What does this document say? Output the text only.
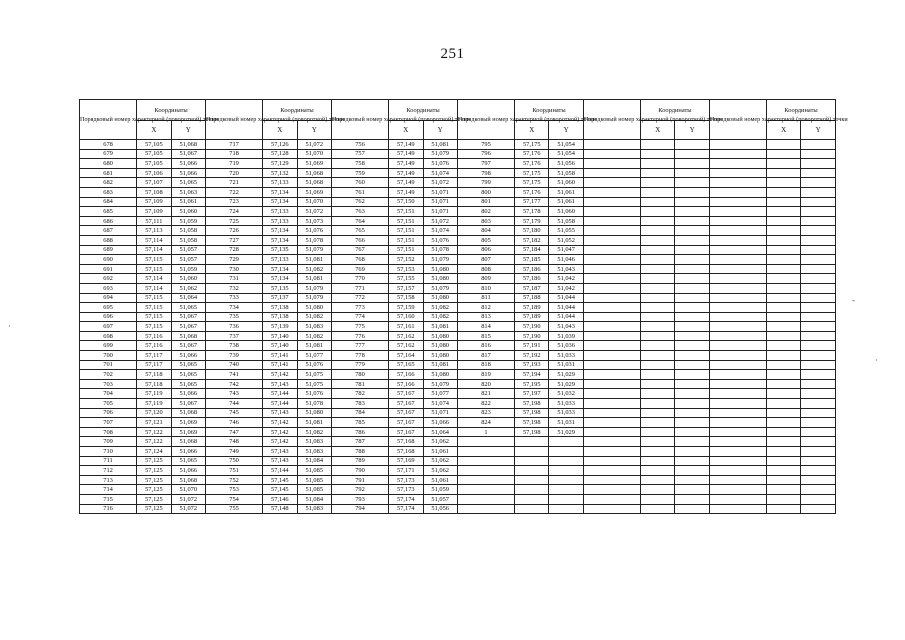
251
·
-
·
Порядковый номер характерной (поворотной) точки	Координаты		Порядковый номер характерной (поворотной) точки	Координаты		Порядковый номер характерной (поворотной) точки	Координаты		Порядковый номер характерной (поворотной) точки	Координаты		Порядковый номер характерной (поворотной) точки	Координаты		Порядковый номер характерной (поворотной) точки	Координаты	
	X	Y		X	Y		X	Y		X	Y		X	Y		X	Y
678	57,105	51,068	717	57,126	51,072	756	57,149	51,081	795	57,175	51,054						
679	57,105	51,067	718	57,128	51,070	757	57,149	51,079	796	57,176	51,054						
680	57,105	51,066	719	57,129	51,069	758	57,149	51,076	797	57,176	51,056						
681	57,106	51,066	720	57,132	51,068	759	57,149	51,074	798	57,175	51,058						
682	57,107	51,065	721	57,133	51,068	760	57,149	51,072	799	57,175	51,060						
683	57,108	51,063	722	57,134	51,069	761	57,149	51,071	800	57,176	51,061						
684	57,109	51,061	723	57,134	51,070	762	57,150	51,071	801	57,177	51,061						
685	57,109	51,060	724	57,133	51,072	763	57,151	51,071	802	57,178	51,060						
686	57,111	51,059	725	57,133	51,073	764	57,151	51,072	803	57,179	51,058						
687	57,113	51,058	726	57,134	51,076	765	57,151	51,074	804	57,180	51,055						
688	57,114	51,058	727	57,134	51,078	766	57,151	51,076	805	57,182	51,052						
689	57,114	51,057	728	57,135	51,079	767	57,151	51,078	806	57,184	51,047						
690	57,115	51,057	729	57,133	51,081	768	57,152	51,079	807	57,185	51,046						
691	57,115	51,059	730	57,134	51,082	769	57,153	51,080	808	57,186	51,043						
692	57,114	51,060	731	57,134	51,081	770	57,155	51,080	809	57,186	51,042						
693	57,114	51,062	732	57,135	51,079	771	57,157	51,079	810	57,187	51,042						
694	57,115	51,064	733	57,137	51,079	772	57,158	51,080	811	57,188	51,044						
695	57,115	51,065	734	57,138	51,080	773	57,159	51,082	812	57,189	51,044						
696	57,115	51,067	735	57,138	51,082	774	57,160	51,082	813	57,189	51,044						
697	57,115	51,067	736	57,139	51,083	775	57,161	51,081	814	57,190	51,043						
698	57,116	51,068	737	57,140	51,082	776	57,162	51,080	815	57,190	51,039						
699	57,116	51,067	738	57,140	51,081	777	57,162	51,080	816	57,191	51,036						
700	57,117	51,066	739	57,141	51,077	778	57,164	51,080	817	57,192	51,033						
701	57,117	51,065	740	57,141	51,076	779	57,165	51,081	818	57,193	51,031						
702	57,118	51,065	741	57,142	51,075	780	57,166	51,080	819	57,194	51,029						
703	57,118	51,065	742	57,143	51,075	781	57,166	51,079	820	57,195	51,029						
704	57,119	51,066	743	57,144	51,076	782	57,167	51,077	821	57,197	51,032						
705	57,119	51,067	744	57,144	51,078	783	57,167	51,074	822	57,198	51,033						
706	57,120	51,068	745	57,143	51,080	784	57,167	51,071	823	57,198	51,033						
707	57,121	51,069	746	57,142	51,081	785	57,167	51,066	824	57,198	51,031						
708	57,122	51,069	747	57,142	51,082	786	57,167	51,064	1	57,198	51,029						
709	57,122	51,068	748	57,142	51,083	787	57,168	51,062									
710	57,124	51,066	749	57,143	51,083	788	57,168	51,061									
711	57,125	51,065	750	57,143	51,084	789	57,169	51,062									
712	57,125	51,066	751	57,144	51,085	790	57,171	51,062									
713	57,125	51,068	752	57,145	51,085	791	57,173	51,061									
714	57,125	51,070	753	57,145	51,085	792	57,173	51,059									
715	57,125	51,072	754	57,146	51,084	793	57,174	51,057									
716	57,125	51,072	755	57,148	51,083	794	57,174	51,056									
